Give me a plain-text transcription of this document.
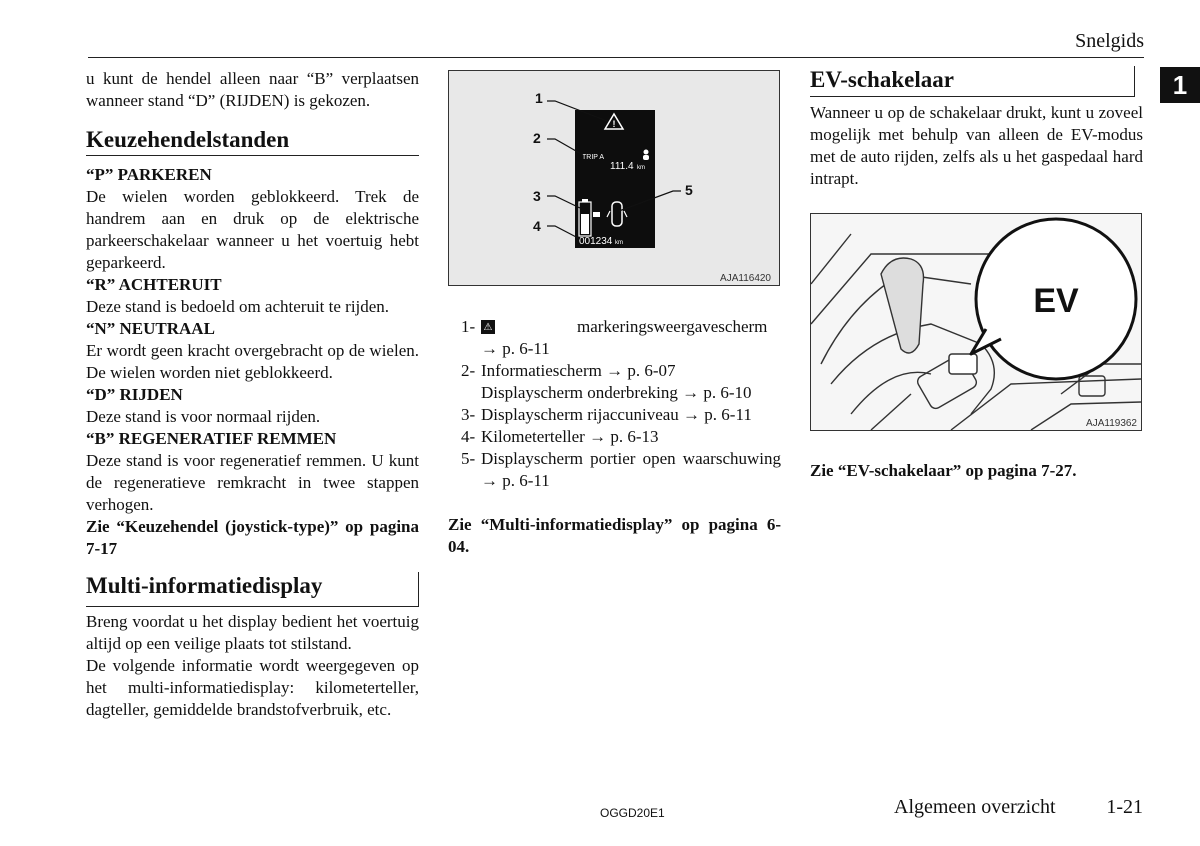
Snelgids
1

u kunt de hendel alleen naar “B” verplaatsen wanneer stand “D” (RIJDEN) is gekozen.

Keuzehendelstanden

“P” PARKEREN

De wielen worden geblokkeerd. Trek de handrem aan en druk op de elektrische parkeerschakelaar wanneer u het voertuig hebt geparkeerd.

“R” ACHTERUIT

Deze stand is bedoeld om achteruit te rijden.

“N” NEUTRAAL

Er wordt geen kracht overgebracht op de wielen. De wielen worden niet geblokkeerd.

“D” RIJDEN

Deze stand is voor normaal rijden.

“B” REGENERATIEF REMMEN

Deze stand is voor regeneratief remmen. U kunt de regeneratieve remkracht in twee stappen verhogen.

Zie “Keuzehendel (joystick-type)” op pagina 7-17

Multi-informatiedisplay

Breng voordat u het display bedient het voertuig altijd op een veilige plaats tot stilstand.

De volgende informatie wordt weergegeven op het multi-informatiedisplay: kilometerteller, dagteller, gemiddelde brandstofverbruik, etc.

!
TRIP A
111.4 km
001234 km
1
2
3
4
5
AJA116420
1- ⚠	markeringsweergavescherm → p. 6-11
2- Informatiescherm → p. 6-07
Displayscherm onderbreking → p. 6-10
3- Displayscherm rijaccuniveau → p. 6-11
4- Kilometerteller → p. 6-13
5- Displayscherm portier open waarschuwing → p. 6-11

Zie “Multi-informatiedisplay” op pagina 6-04.

EV-schakelaar

Wanneer u op de schakelaar drukt, kunt u zoveel mogelijk met behulp van alleen de EV-modus met de auto rijden, zelfs als u het gaspedaal hard intrapt.

EV
AJA119362

Zie “EV-schakelaar” op pagina 7-27.

OGGD20E1	Algemeen overzicht	1-21
